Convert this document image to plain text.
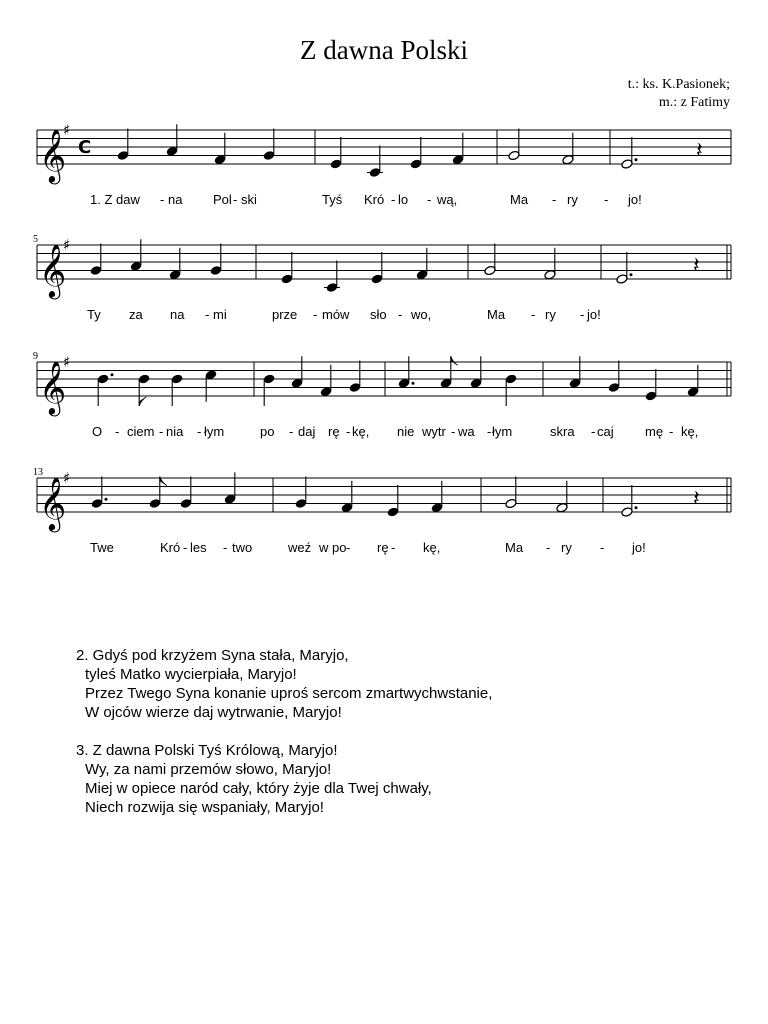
Z dawna Polski
t.: ks. K.Pasionek;
m.: z Fatimy
𝄞
♯
C	𝄽
1. Z daw - na Pol - ski	Tyś Kró - lo - wą,	Ma - ry - jo!
𝄞
♯
5
𝄽
Ty za na - mi	prze - mów sło - wo,	Ma - ry - jo!
𝄞
♯
9
O - ciem - nia - łym	po - daj rę - kę, nie wytr - wa - łym	skra - caj mę - kę,
𝄞
♯
13
𝄽
Twe	Kró - les - two	weź w po - rę - kę,	Ma - ry - jo!
2. Gdyś pod krzyżem Syna stała, Maryjo,
tyleś Matko wycierpiała, Maryjo!
Przez Twego Syna konanie uproś sercom zmartwychwstanie,
W ojców wierze daj wytrwanie, Maryjo!
3. Z dawna Polski Tyś Królową, Maryjo!
Wy, za nami przemów słowo, Maryjo!
Miej w opiece naród cały, który żyje dla Twej chwały,
Niech rozwija się wspaniały, Maryjo!
